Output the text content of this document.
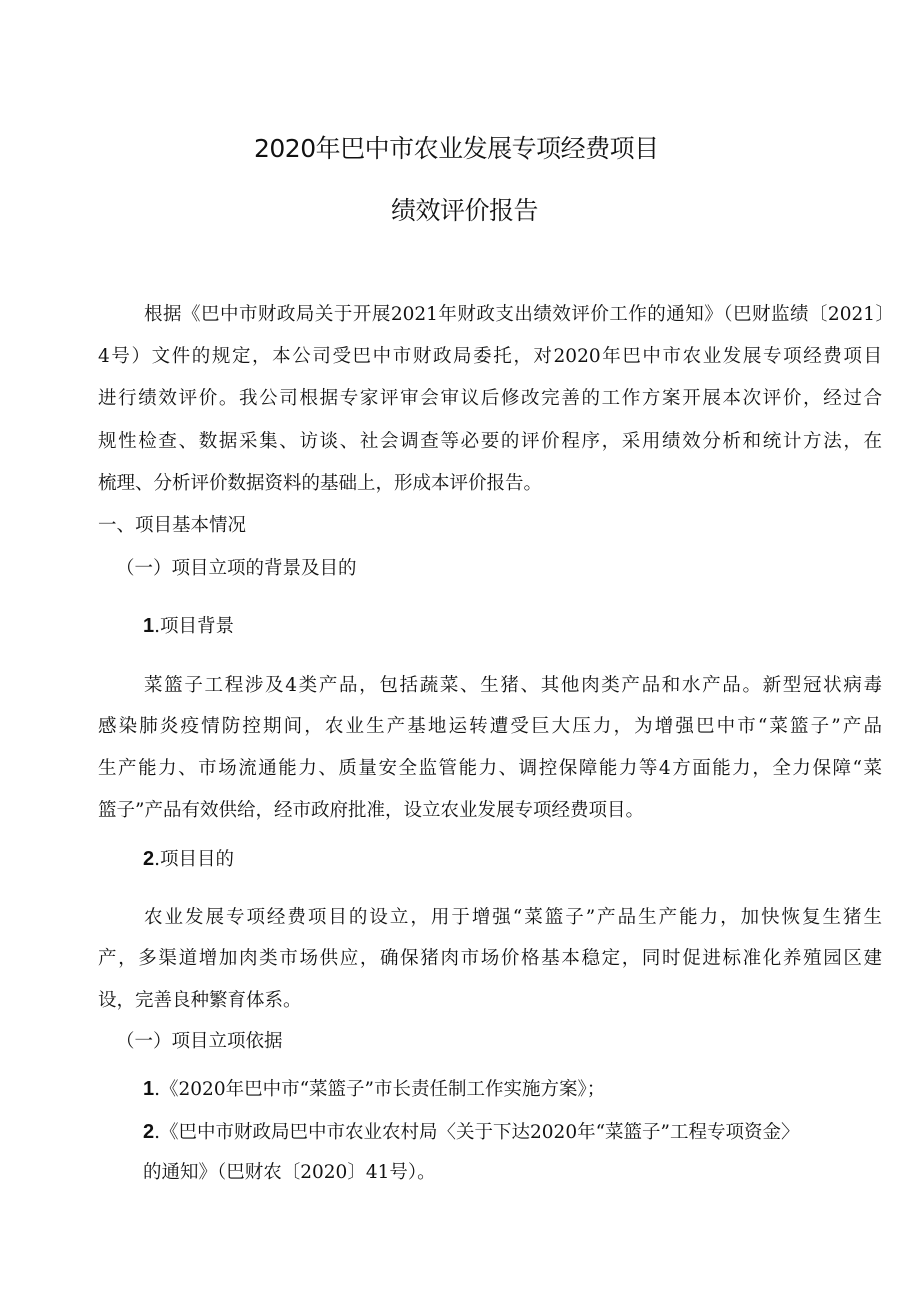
2020年巴中市农业发展专项经费项目
绩效评价报告
根据《巴中市财政局关于开展2021年财政支出绩效评价工作的通知》（巴财监绩〔2021〕
4号）文件的规定，本公司受巴中市财政局委托，对2020年巴中市农业发展专项经费项目
进行绩效评价。我公司根据专家评审会审议后修改完善的工作方案开展本次评价，经过合
规性检查、数据采集、访谈、社会调查等必要的评价程序，采用绩效分析和统计方法，在
梳理、分析评价数据资料的基础上，形成本评价报告。
一、项目基本情况
（一）项目立项的背景及目的
1.项目背景
菜篮子工程涉及4类产品，包括蔬菜、生猪、其他肉类产品和水产品。新型冠状病毒
感染肺炎疫情防控期间，农业生产基地运转遭受巨大压力，为增强巴中市“菜篮子”产品
生产能力、市场流通能力、质量安全监管能力、调控保障能力等4方面能力，全力保障“菜
篮子”产品有效供给，经市政府批准，设立农业发展专项经费项目。
2.项目目的
农业发展专项经费项目的设立，用于增强“菜篮子”产品生产能力，加快恢复生猪生
产，多渠道增加肉类市场供应，确保猪肉市场价格基本稳定，同时促进标准化养殖园区建
设，完善良种繁育体系。
（一）项目立项依据
1.《2020年巴中市“菜篮子”市长责任制工作实施方案》；
2.《巴中市财政局巴中市农业农村局〈关于下达2020年“菜篮子”工程专项资金〉
的通知》（巴财农〔2020〕41号）。
